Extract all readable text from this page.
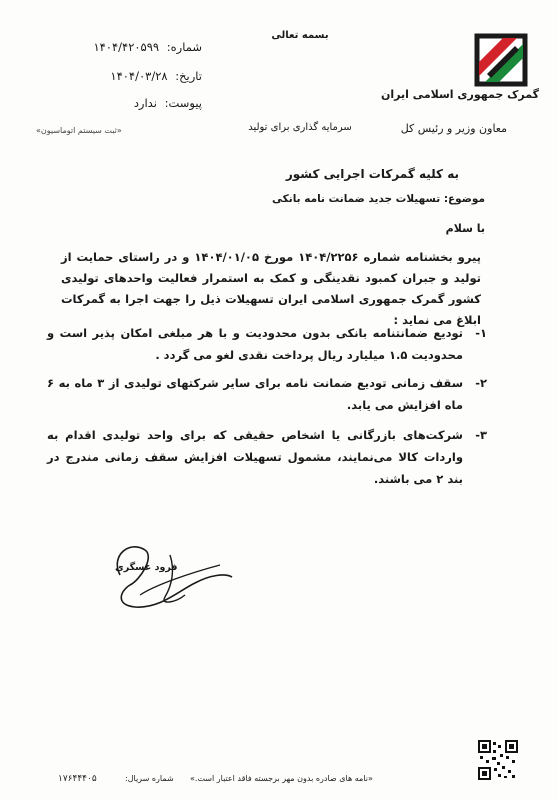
گمرک جمهوری اسلامی ایران
معاون وزیر و رئیس کل
بسمه تعالی
سرمایه گذاری برای تولید
شماره: ۱۴۰۴/۴۲۰۵۹۹
تاریخ: ۱۴۰۴/۰۳/۲۸
پیوست: ندارد
«ثبت سیستم اتوماسیون»
به کلیه گمرکات اجرایی کشور
موضوع: تسهیلات جدید ضمانت نامه بانکی
با سلام
پیرو بخشنامه شماره ۱۴۰۴/۲۲۵۶ مورخ ۱۴۰۴/۰۱/۰۵ و در راستای حمایت از تولید و جبران کمبود نقدینگی و کمک به استمرار فعالیت واحدهای تولیدی کشور گمرک جمهوری اسلامی ایران تسهیلات ذیل را جهت اجرا به گمرکات ابلاغ می نماید :
۱-
تودیع ضمانتنامه بانکی بدون محدودیت و با هر مبلغی امکان پذیر است و محدودیت ۱.۵ میلیارد ریال پرداخت نقدی لغو می گردد .
۲-
سقف زمانی تودیع ضمانت نامه برای سایر شرکتهای تولیدی از ۳ ماه به ۶ ماه افزایش می یابد.
۳-
شرکت‌های بازرگانی یا اشخاص حقیقی که برای واحد تولیدی اقدام به واردات کالا می‌نمایند، مشمول تسهیلات افزایش سقف زمانی مندرج در بند ۲ می باشند.
فرود عسگری
«نامه های صادره بدون مهر برجسته فاقد اعتبار است.»
شماره سریال:
۱۷۶۴۴۴۰۵
